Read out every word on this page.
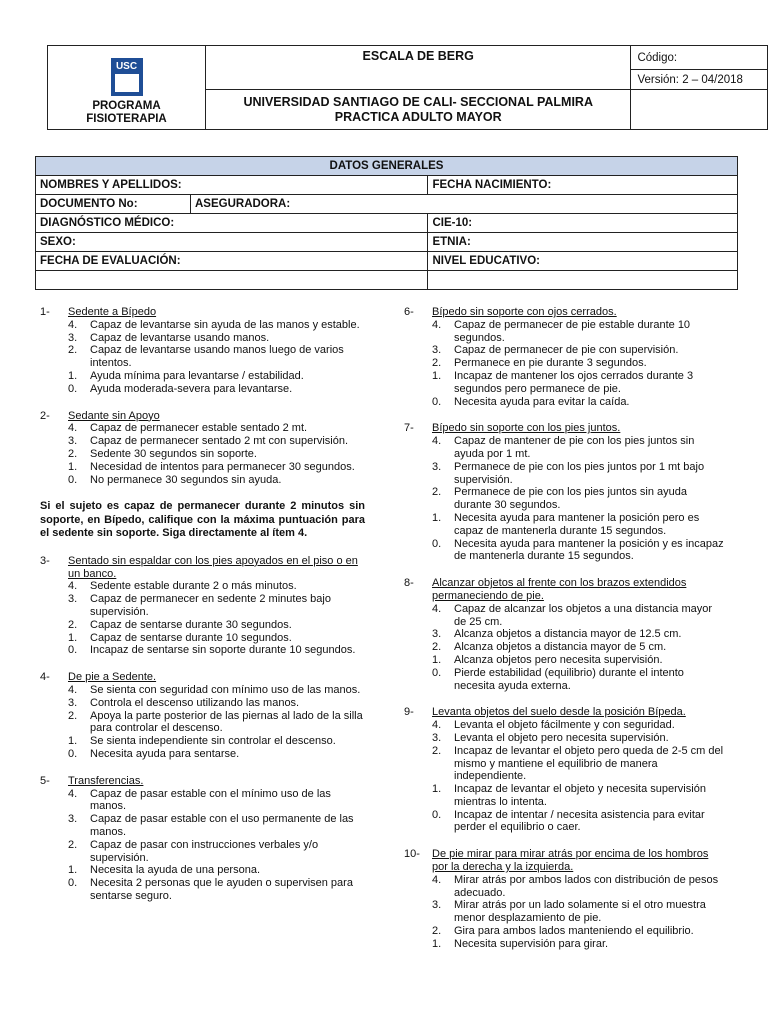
USC
PROGRAMA
FISIOTERAPIA	ESCALA DE BERG	Código:
		Versión: 2 – 04/2018

	UNIVERSIDAD SANTIAGO DE CALI- SECCIONAL PALMIRA
PRACTICA ADULTO MAYOR	

DATOS GENERALES		
NOMBRES Y APELLIDOS:		FECHA NACIMIENTO:
DOCUMENTO No:	ASEGURADORA:	
DIAGNÓSTICO MÉDICO:		CIE-10:
SEXO:		ETNIA:
FECHA DE EVALUACIÓN:		NIVEL EDUCATIVO:

1-	Sedente a Bípedo
4.	Capaz de levantarse sin ayuda de las manos y estable.
3.	Capaz de levantarse usando manos.
2.	Capaz de levantarse usando manos luego de varios intentos.
1.	Ayuda mínima para levantarse / estabilidad.
0.	Ayuda moderada-severa para levantarse.
2-	Sedante sin Apoyo
4.	Capaz de permanecer estable sentado 2 mt.
3.	Capaz de permanecer sentado 2 mt con supervisión.
2.	Sedente 30 segundos sin soporte.
1.	Necesidad de intentos para permanecer 30 segundos.
0.	No permanece 30 segundos sin ayuda.
Si el sujeto es capaz de permanecer durante 2 minutos sin soporte, en Bípedo, califique con la máxima puntuación para el sedente sin soporte. Siga directamente al ítem 4.
3-	Sentado sin espaldar con los pies apoyados en el piso o en un banco.
4.	Sedente estable durante 2 o más minutos.
3.	Capaz de permanecer en sedente 2 minutes bajo supervisión.
2.	Capaz de sentarse durante 30 segundos.
1.	Capaz de sentarse durante 10 segundos.
0.	Incapaz de sentarse sin soporte durante 10 segundos.
4-	De pie a Sedente.
4.	Se sienta con seguridad con mínimo uso de las manos.
3.	Controla el descenso utilizando las manos.
2.	Apoya la parte posterior de las piernas al lado de la silla para controlar el descenso.
1.	Se sienta independiente sin controlar el descenso.
0.	Necesita ayuda para sentarse.
5-	Transferencias.
4.	Capaz de pasar estable con el mínimo uso de las manos.
3.	Capaz de pasar estable con el uso permanente de las manos.
2.	Capaz de pasar con instrucciones verbales y/o supervisión.
1.	Necesita la ayuda de una persona.
0.	Necesita 2 personas que le ayuden o supervisen para sentarse seguro.
6-	Bípedo sin soporte con ojos cerrados.
4.	Capaz de permanecer de pie estable durante 10 segundos.
3.	Capaz de permanecer de pie con supervisión.
2.	Permanece en pie durante 3 segundos.
1.	Incapaz de mantener los ojos cerrados durante 3 segundos pero permanece de pie.
0.	Necesita ayuda para evitar la caída.
7-	Bípedo sin soporte con los pies juntos.
4.	Capaz de mantener de pie con los pies juntos sin ayuda por 1 mt.
3.	Permanece de pie con los pies juntos por 1 mt bajo supervisión.
2.	Permanece de pie con los pies juntos sin ayuda durante 30 segundos.
1.	Necesita ayuda para mantener la posición pero es capaz de mantenerla durante 15 segundos.
0.	Necesita ayuda para mantener la posición y es incapaz de mantenerla durante 15 segundos.
8-	Alcanzar objetos al frente con los brazos extendidos permaneciendo de pie.
4.	Capaz de alcanzar los objetos a una distancia mayor de 25 cm.
3.	Alcanza objetos a distancia mayor de 12.5 cm.
2.	Alcanza objetos a distancia mayor de 5 cm.
1.	Alcanza objetos pero necesita supervisión.
0.	Pierde estabilidad (equilibrio) durante el intento necesita ayuda externa.
9-	Levanta objetos del suelo desde la posición Bípeda.
4.	Levanta el objeto fácilmente y con seguridad.
3.	Levanta el objeto pero necesita supervisión.
2.	Incapaz de levantar el objeto pero queda de 2-5 cm del mismo y mantiene el equilibrio de manera independiente.
1.	Incapaz de levantar el objeto y necesita supervisión mientras lo intenta.
0.	Incapaz de intentar / necesita asistencia para evitar perder el equilibrio o caer.
10-	De pie mirar para mirar atrás por encima de los hombros por la derecha y la izquierda.
4.	Mirar atrás por ambos lados con distribución de pesos adecuado.
3.	Mirar atrás por un lado solamente si el otro muestra menor desplazamiento de pie.
2.	Gira para ambos lados manteniendo el equilibrio.
1.	Necesita supervisión para girar.
